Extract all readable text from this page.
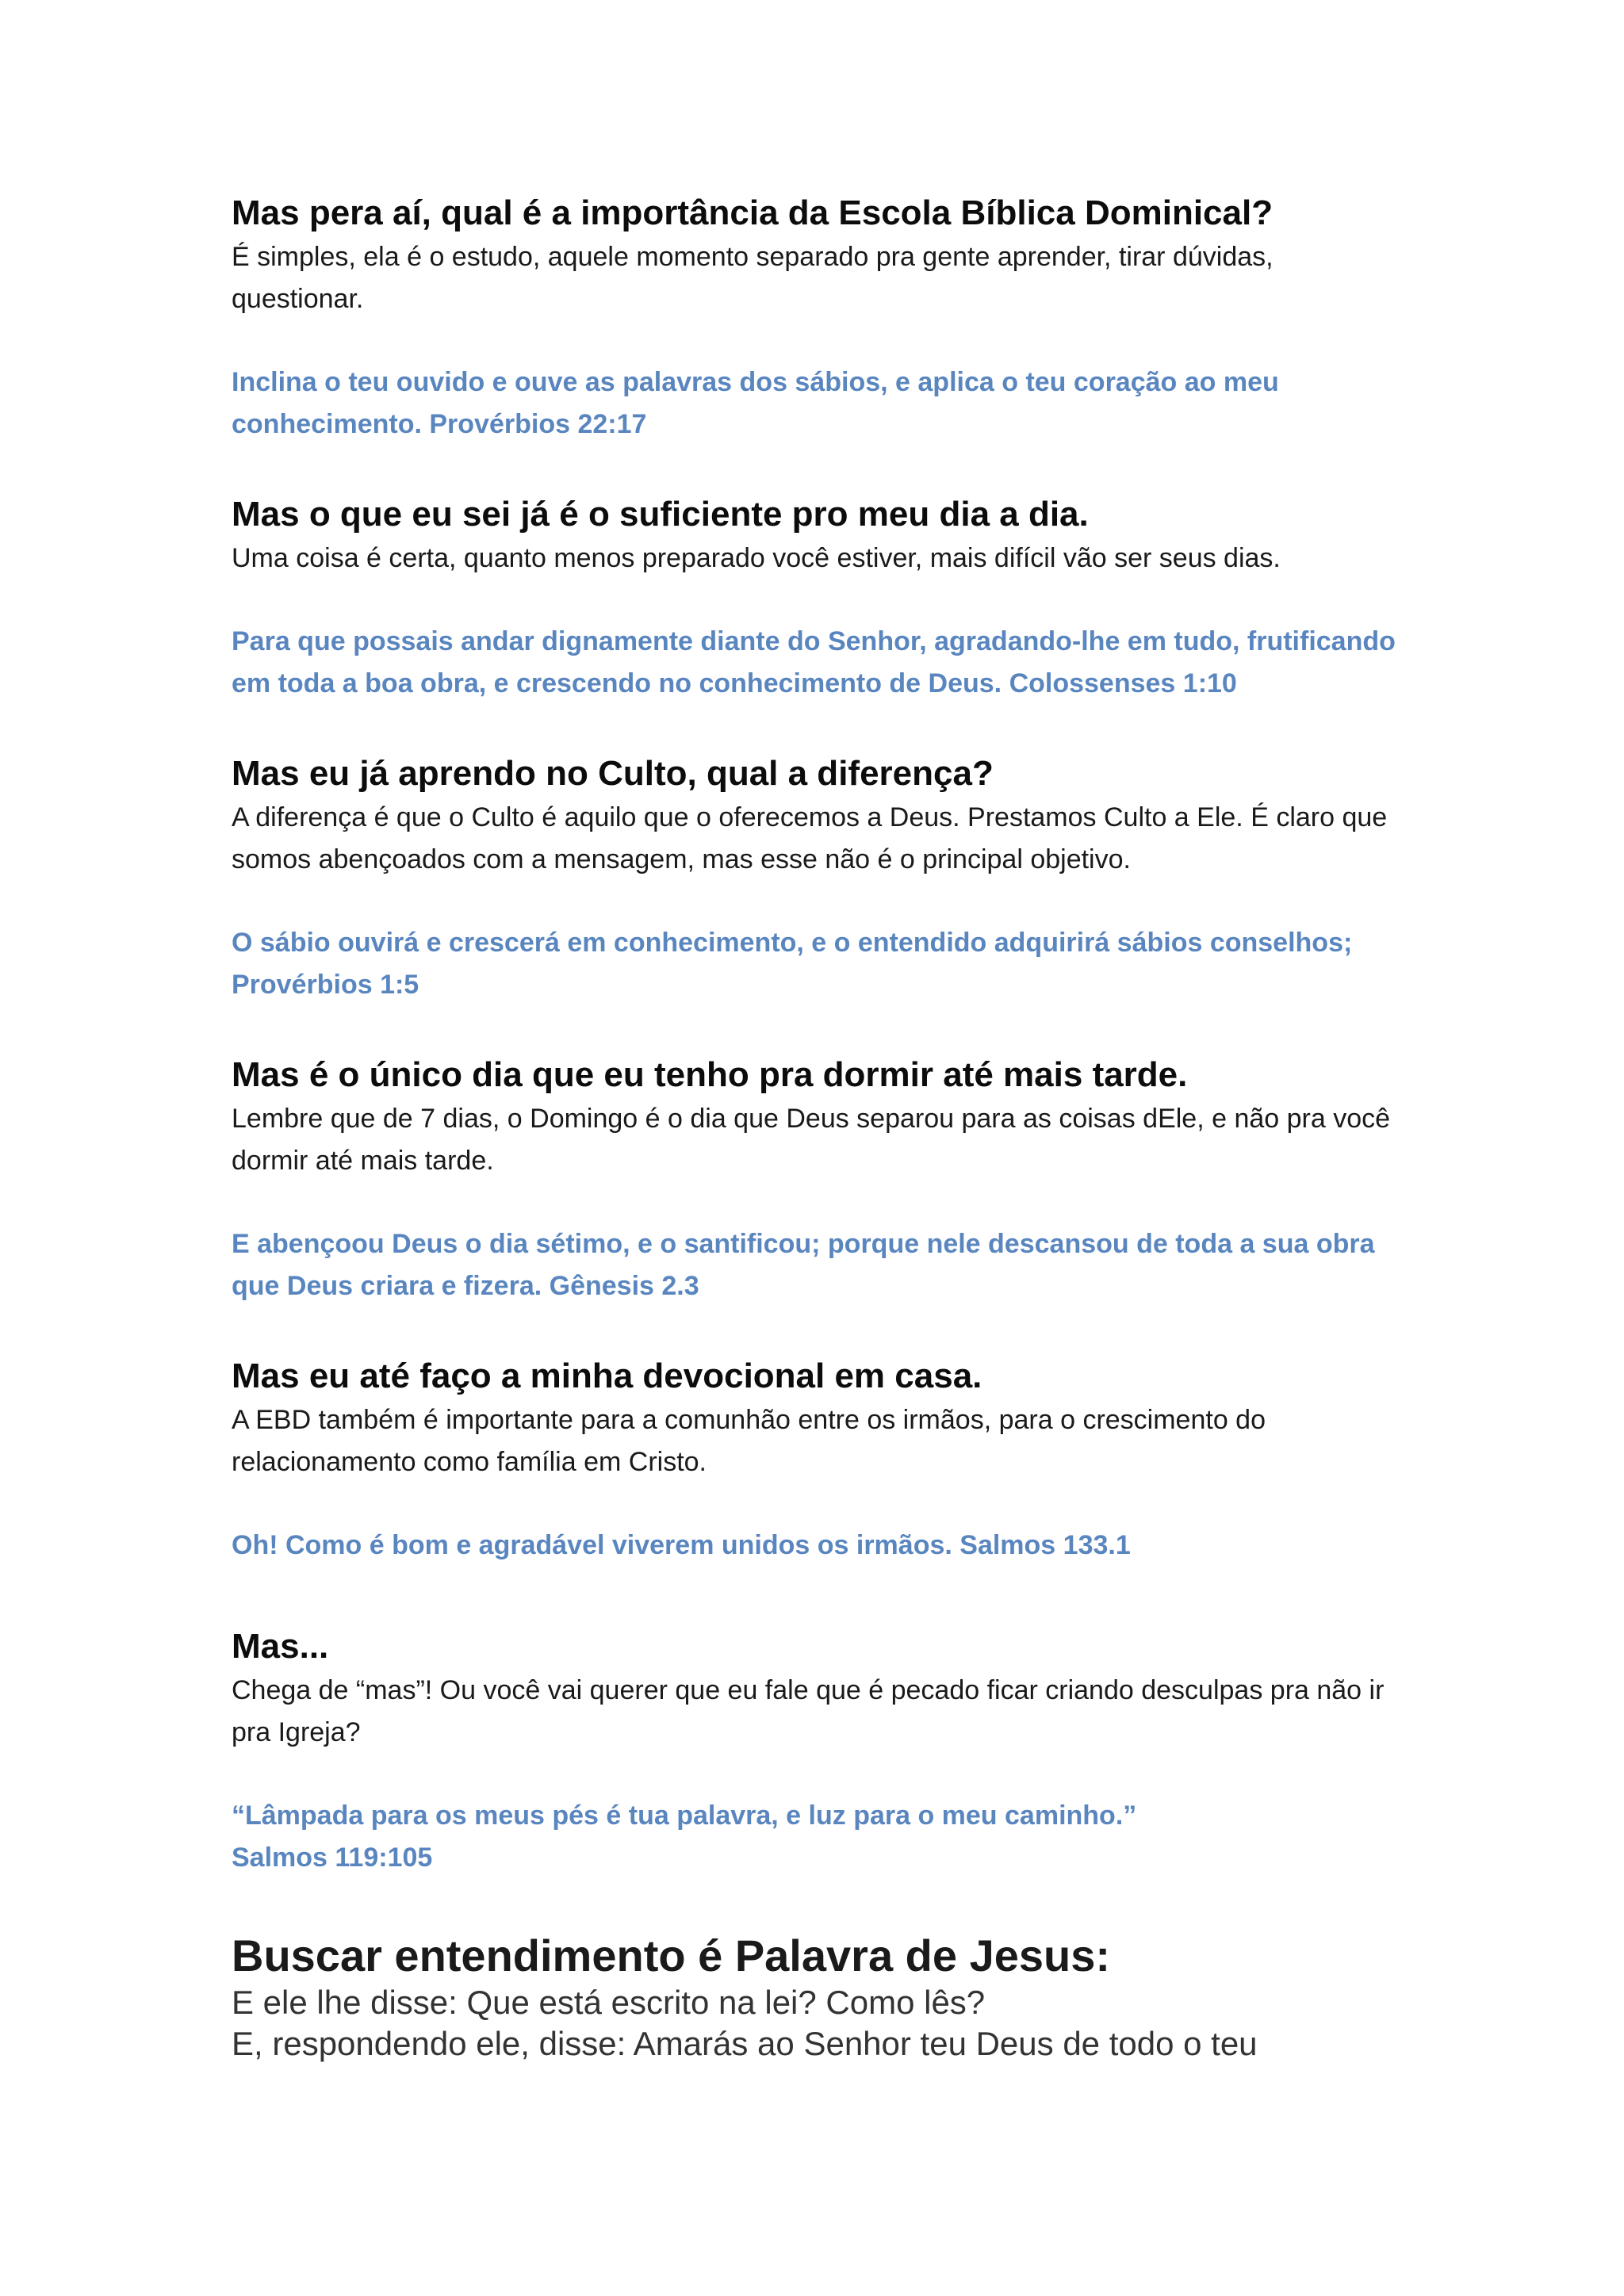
Mas pera aí, qual é a importância da Escola Bíblica Dominical?

É simples, ela é o estudo, aquele momento separado pra gente aprender, tirar dúvidas, questionar.

Inclina o teu ouvido e ouve as palavras dos sábios, e aplica o teu coração ao meu conhecimento. Provérbios 22:17

Mas o que eu sei já é o suficiente pro meu dia a dia.

Uma coisa é certa, quanto menos preparado você estiver, mais difícil vão ser seus dias.

Para que possais andar dignamente diante do Senhor, agradando-lhe em tudo, frutificando em toda a boa obra, e crescendo no conhecimento de Deus. Colossenses 1:10

Mas eu já aprendo no Culto, qual a diferença?

A diferença é que o Culto é aquilo que o oferecemos a Deus. Prestamos Culto a Ele. É claro que somos abençoados com a mensagem, mas esse não é o principal objetivo.

O sábio ouvirá e crescerá em conhecimento, e o entendido adquirirá sábios conselhos; Provérbios 1:5

Mas é o único dia que eu tenho pra dormir até mais tarde.

Lembre que de 7 dias, o Domingo é o dia que Deus separou para as coisas dEle, e não pra você dormir até mais tarde.

E abençoou Deus o dia sétimo, e o santificou; porque nele descansou de toda a sua obra que Deus criara e fizera. Gênesis 2.3

Mas eu até faço a minha devocional em casa.

A EBD também é importante para a comunhão entre os irmãos, para o crescimento do relacionamento como família em Cristo.

Oh! Como é bom e agradável viverem unidos os irmãos. Salmos 133.1

Mas...

Chega de “mas”! Ou você vai querer que eu fale que é pecado ficar criando desculpas pra não ir pra Igreja?

“Lâmpada para os meus pés é tua palavra, e luz para o meu caminho.”
Salmos 119:105

Buscar entendimento é Palavra de Jesus:

E ele lhe disse: Que está escrito na lei? Como lês?

E, respondendo ele, disse: Amarás ao Senhor teu Deus de todo o teu
